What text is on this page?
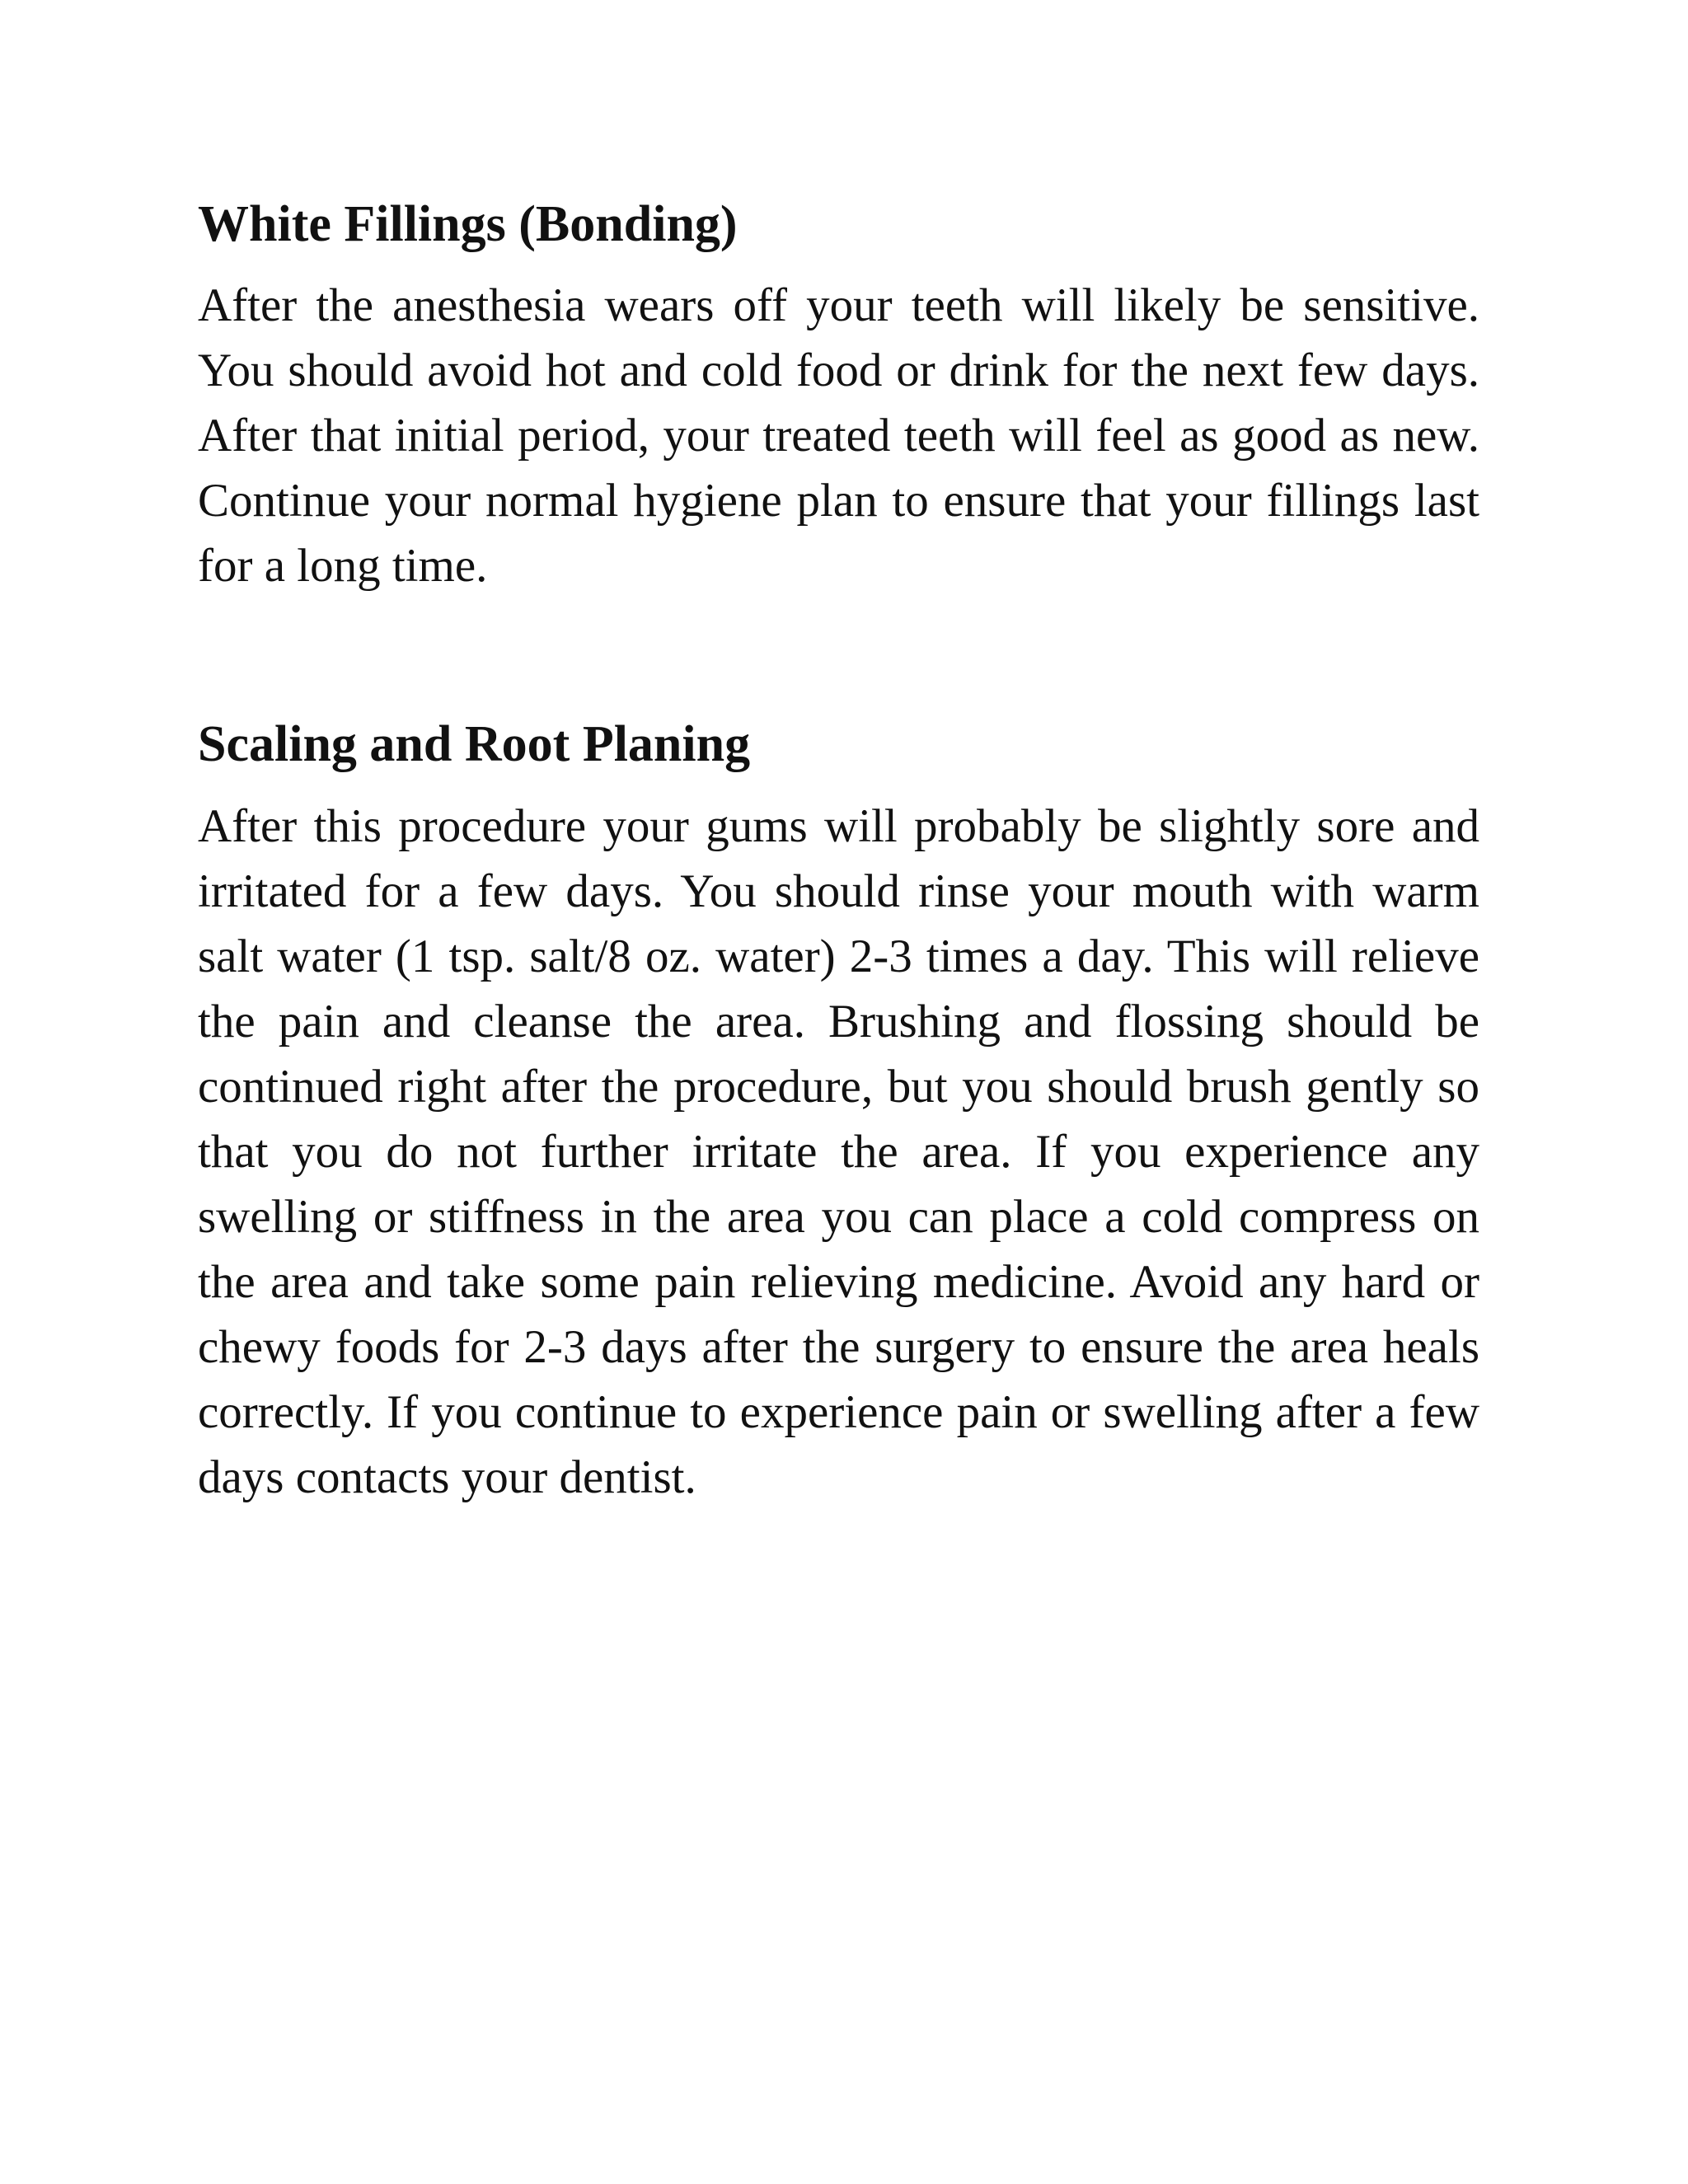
White Fillings (Bonding)

After the anesthesia wears off your teeth will likely be sensitive. You should avoid hot and cold food or drink for the next few days. After that initial period, your treated teeth will feel as good as new. Continue your normal hygiene plan to ensure that your fillings last for a long time.

Scaling and Root Planing

After this procedure your gums will probably be slightly sore and irritated for a few days. You should rinse your mouth with warm salt water (1 tsp. salt/8 oz. water) 2-3 times a day. This will relieve the pain and cleanse the area. Brushing and flossing should be continued right after the procedure, but you should brush gently so that you do not further irritate the area. If you experience any swelling or stiffness in the area you can place a cold compress on the area and take some pain relieving medicine. Avoid any hard or chewy foods for 2-3 days after the surgery to ensure the area heals correctly. If you continue to experience pain or swelling after a few days contacts your dentist.
